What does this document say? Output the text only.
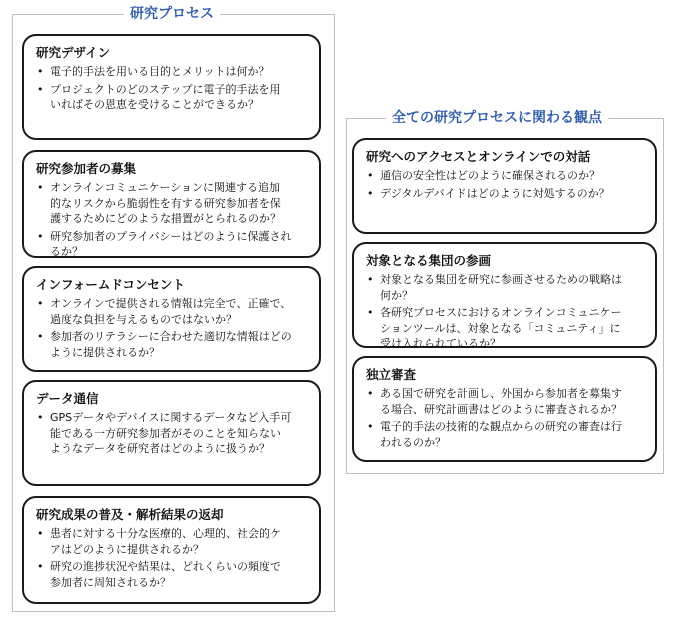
研究プロセス
研究デザイン
• 電子的手法を用いる目的とメリットは何か？
• プロジェクトのどのステップに電子的手法を用
いればその恩恵を受けることができるか？
研究参加者の募集
• オンラインコミュニケーションに関連する追加
的なリスクから脆弱性を有する研究参加者を保
護するためにどのような措置がとられるのか？
• 研究参加者のプライバシーはどのように保護され
るか？
インフォームドコンセント
• オンラインで提供される情報は完全で、正確で、
過度な負担を与えるものではないか？
• 参加者のリテラシーに合わせた適切な情報はどの
ように提供されるか？
データ通信
• GPSデータやデバイスに関するデータなど入手可
能である一方研究参加者がそのことを知らない
ようなデータを研究者はどのように扱うか？
研究成果の普及・解析結果の返却
• 患者に対する十分な医療的、心理的、社会的ケ
アはどのように提供されるか？
• 研究の進捗状況や結果は、どれくらいの頻度で
参加者に周知されるか？
全ての研究プロセスに関わる観点
研究へのアクセスとオンラインでの対話
• 通信の安全性はどのように確保されるのか？
• デジタルデバイドはどのように対処するのか？
対象となる集団の参画
• 対象となる集団を研究に参画させるための戦略は
何か？
• 各研究プロセスにおけるオンラインコミュニケー
ションツールは、対象となる「コミュニティ」に
受け入れられているか？
独立審査
• ある国で研究を計画し、外国から参加者を募集す
る場合、研究計画書はどのように審査されるか？
• 電子的手法の技術的な観点からの研究の審査は行
われるのか？
